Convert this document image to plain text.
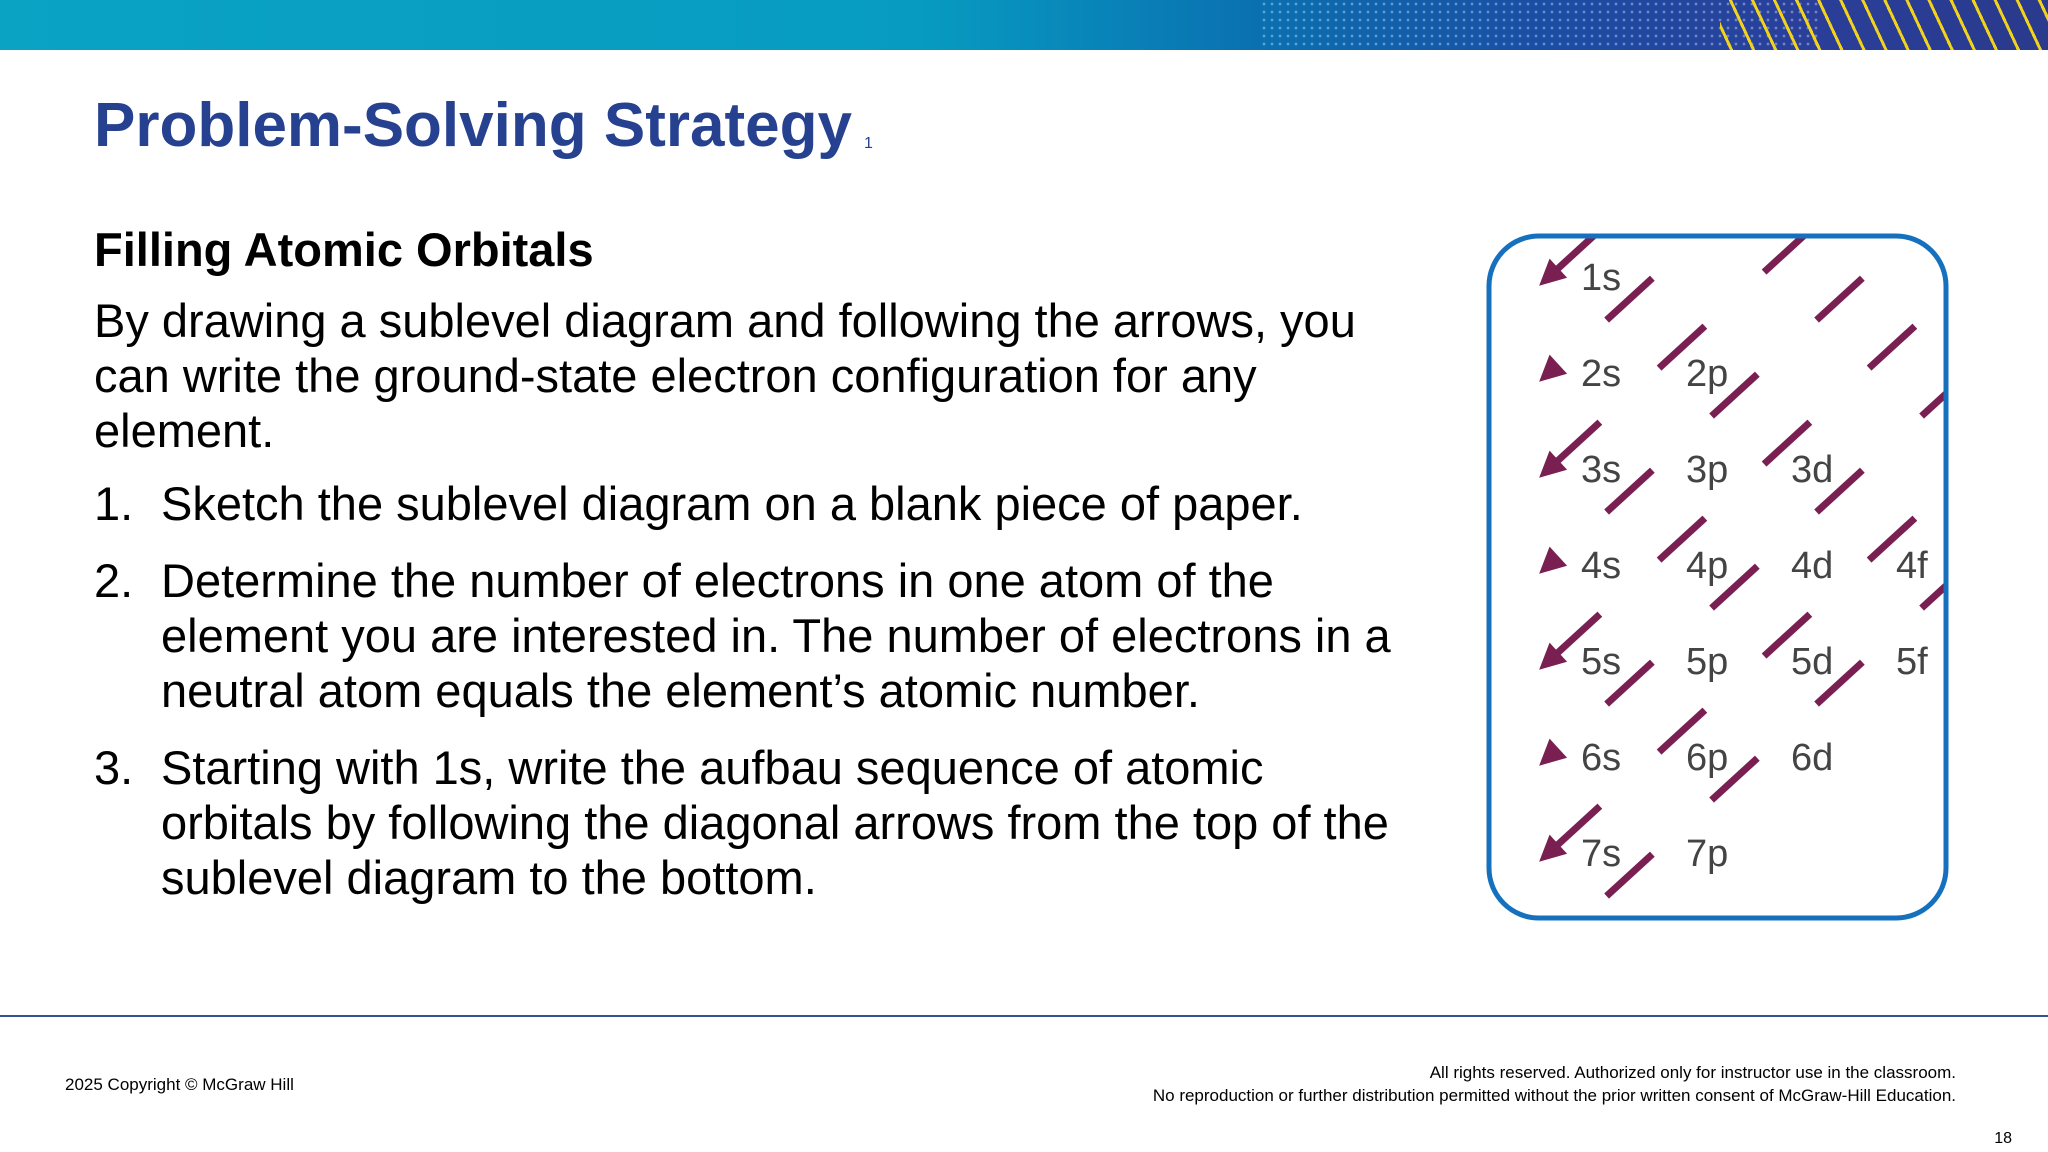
Problem-Solving Strategy 1
Filling Atomic Orbitals
By drawing a sublevel diagram and following the arrows, you can write the ground-state electron configuration for any element.
1. Sketch the sublevel diagram on a blank piece of paper.
2. Determine the number of electrons in one atom of the element you are interested in. The number of electrons in a neutral atom equals the element’s atomic number.
3. Starting with 1s, write the aufbau sequence of atomic orbitals by following the diagonal arrows from the top of the sublevel diagram to the bottom.
1s
2s 2p
3s 3p 3d
4s 4p 4d 4f
5s 5p 5d 5f
6s 6p 6d
7s 7p
2025 Copyright © McGraw Hill
All rights reserved. Authorized only for instructor use in the classroom.
No reproduction or further distribution permitted without the prior written consent of McGraw-Hill Education.
18
